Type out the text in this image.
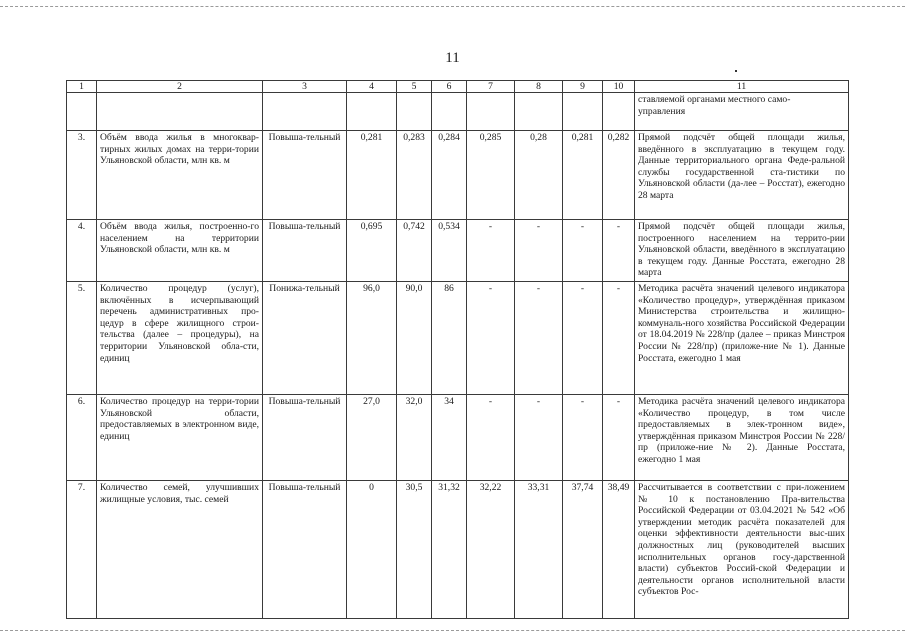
11
1	2	3	4	5	6	7	8	9	10	11

										ставляемой органами местного само-
управления

3.	Объём ввода жилья в многоквар-тирных жилых домах на терри-тории Ульяновской области, млн кв. м	Повыша-тельный	0,281	0,283	0,284	0,285	0,28	0,281	0,282	Прямой подсчёт общей площади жилья, введённого в эксплуатацию в текущем году. Данные территориального органа Феде-ральной службы государственной ста-тистики по Ульяновской области (да-лее – Росстат), ежегодно 28 марта
4.	Объём ввода жилья, построенно-го населением на территории Ульяновской области, млн кв. м	Повыша-тельный	0,695	0,742	0,534	-	-	-	-	Прямой подсчёт общей площади жилья, построенного населением на террито-рии Ульяновской области, введённого в эксплуатацию в текущем году. Данные Росстата, ежегодно 28 марта
5.	Количество процедур (услуг), включённых в исчерпывающий перечень административных про-цедур в сфере жилищного строи-тельства (далее – процедуры), на территории Ульяновской обла-сти, единиц	Понижа-тельный	96,0	90,0	86	-	-	-	-	Методика расчёта значений целевого индикатора «Количество процедур», утверждённая приказом Министерства строительства и жилищно-коммуналь-ного хозяйства Российской Федерации от 18.04.2019 № 228/пр (далее – приказ Минстроя России № 228/пр) (приложе-ние № 1). Данные Росстата, ежегодно 1 мая
6.	Количество процедур на терри-тории Ульяновской области, предоставляемых в электронном виде, единиц	Повыша-тельный	27,0	32,0	34	-	-	-	-	Методика расчёта значений целевого индикатора «Количество процедур, в том числе предоставляемых в элек-тронном виде», утверждённая приказом Минстроя России № 228/пр (приложе-ние № 2). Данные Росстата, ежегодно 1 мая
7.	Количество семей, улучшивших жилищные условия, тыс. семей	Повыша-тельный	0	30,5	31,32	32,22	33,31	37,74	38,49	Рассчитывается в соответствии с при-ложением № 10 к постановлению Пра-вительства Российской Федерации от 03.04.2021 № 542 «Об утверждении методик расчёта показателей для оценки эффективности деятельности выс-ших должностных лиц (руководителей высших исполнительных органов госу-дарственной власти) субъектов Россий-ской Федерации и деятельности органов исполнительной власти субъектов Рос-
